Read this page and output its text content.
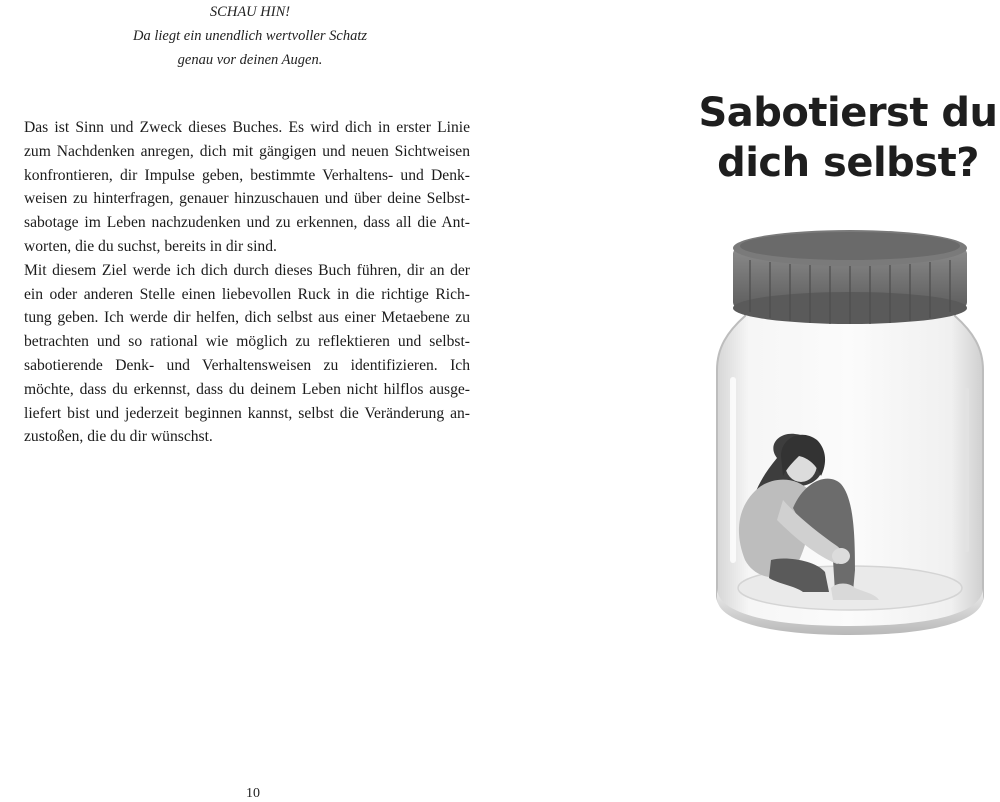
SCHAU HIN!
Da liegt ein unendlich wertvoller Schatz
genau vor deinen Augen.
Das ist Sinn und Zweck dieses Buches. Es wird dich in erster Linie
zum Nachdenken anregen, dich mit gängigen und neuen Sichtweisen
konfrontieren, dir Impulse geben, bestimmte Verhaltens- und Denk-
weisen zu hinterfragen, genauer hinzuschauen und über deine Selbst-
sabotage im Leben nachzudenken und zu erkennen, dass all die Ant-
worten, die du suchst, bereits in dir sind.
Mit diesem Ziel werde ich dich durch dieses Buch führen, dir an der
ein oder anderen Stelle einen liebevollen Ruck in die richtige Rich-
tung geben. Ich werde dir helfen, dich selbst aus einer Metaebene zu
betrachten und so rational wie möglich zu reflektieren und selbst-
sabotierende Denk- und Verhaltensweisen zu identifizieren. Ich
möchte, dass du erkennst, dass du deinem Leben nicht hilflos ausge-
liefert bist und jederzeit beginnen kannst, selbst die Veränderung an-
zustoßen, die du dir wünschst.
10
Sabotierst du
dich selbst?
